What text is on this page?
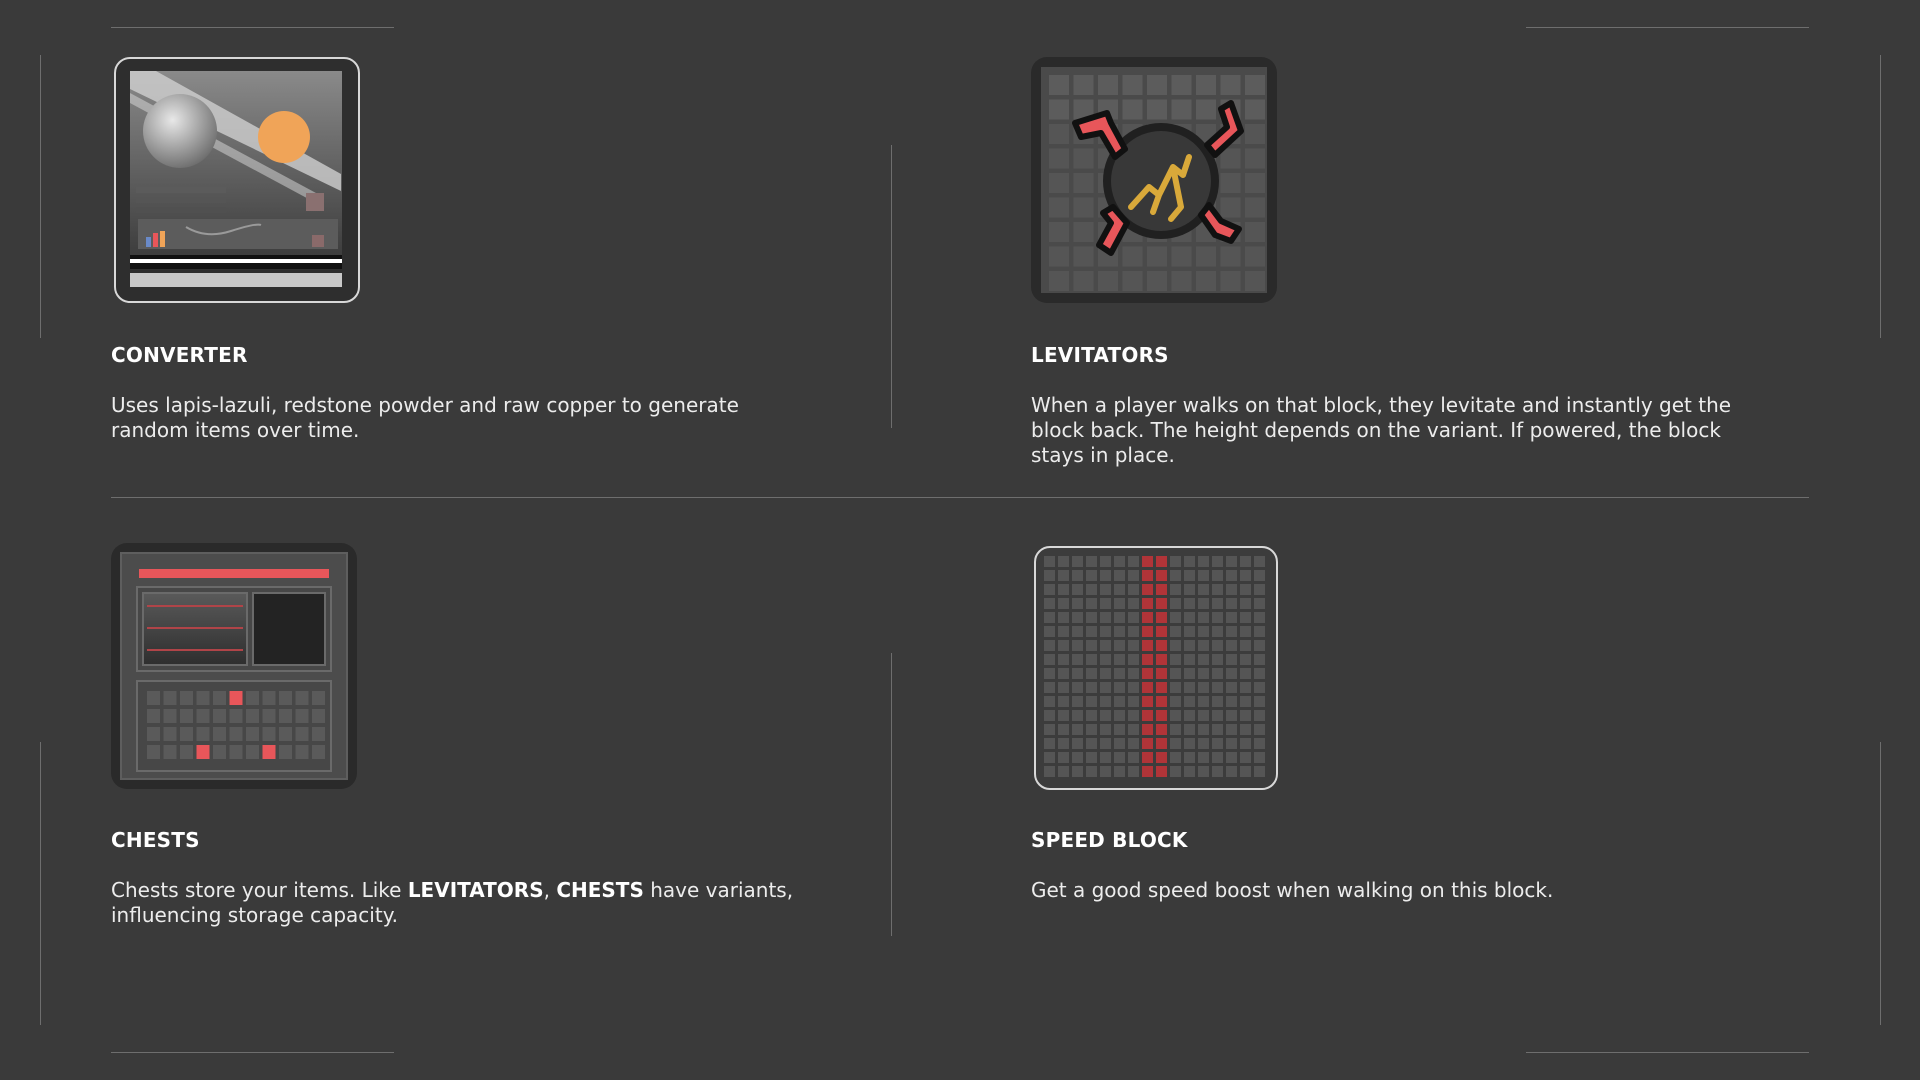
CONVERTER

Uses lapis-lazuli, redstone powder and raw copper to generate random items over time.

LEVITATORS

When a player walks on that block, they levitate and instantly get the block back. The height depends on the variant. If powered, the block stays in place.

CHESTS

Chests store your items. Like LEVITATORS, CHESTS have variants, influencing storage capacity.

SPEED BLOCK

Get a good speed boost when walking on this block.
